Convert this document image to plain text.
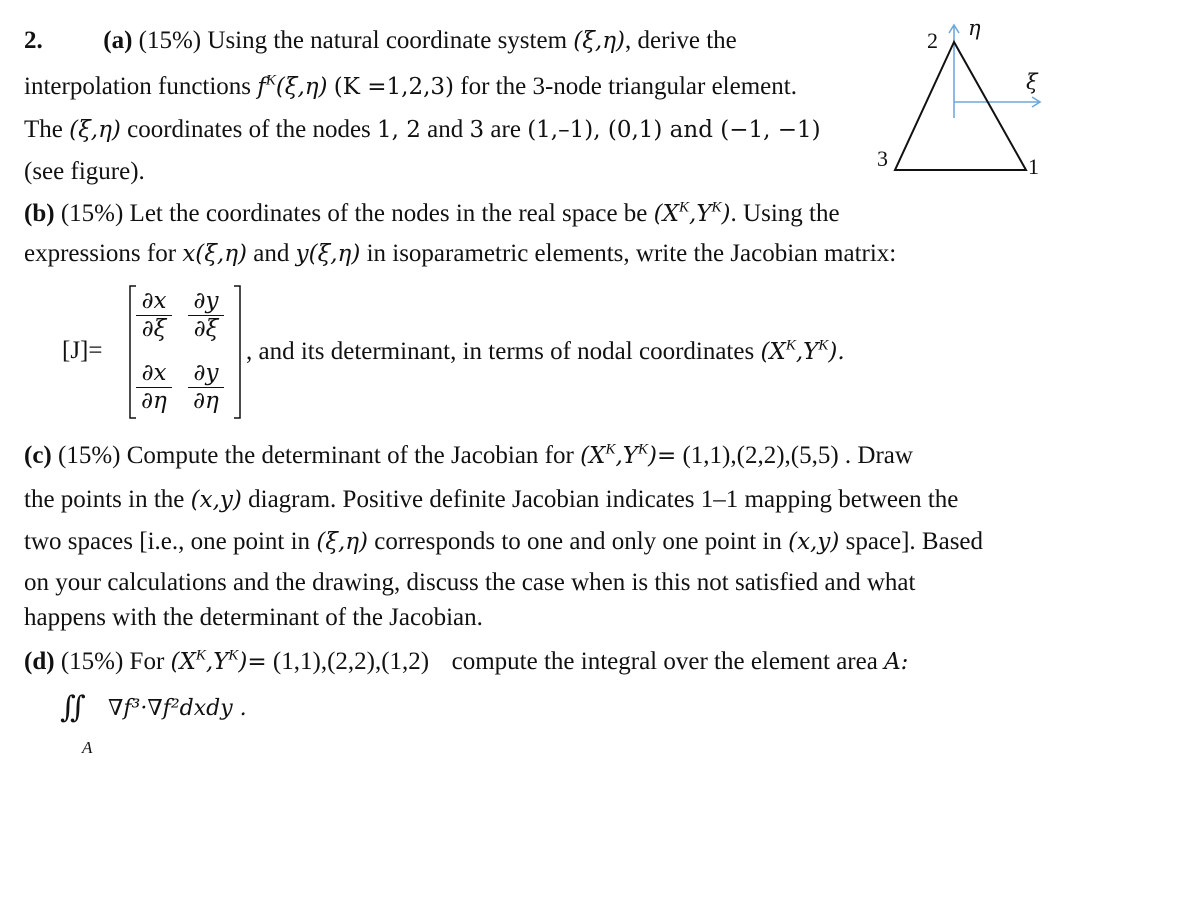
2. (a) (15%) Using the natural coordinate system (ξ,η), derive the
interpolation functions $f^K(\xi,\eta)$ (K =1,2,3) for the 3-node triangular element.
The (ξ,η) coordinates of the nodes 1, 2 and 3 are (1,–1), (0,1) and (−1, −1)
(see figure).
2
3	1
η
ξ
(b) (15%) Let the coordinates of the nodes in the real space be $(X^K,Y^K)$. Using the
expressions for x(ξ,η) and y(ξ,η) in isoparametric elements, write the Jacobian matrix:
[J]=
$\frac{\partial x}{\partial\xi} \frac{\partial y}{\partial\xi}$
$\frac{\partial x}{\partial\eta} \frac{\partial y}{\partial\eta}$
, and its determinant, in terms of nodal coordinates $(X^K,Y^K)$.
(c) (15%) Compute the determinant of the Jacobian for $(X^K,Y^K)= (1,1),(2,2),(5,5)$ . Draw
the points in the (x,y) diagram. Positive definite Jacobian indicates 1–1 mapping between the
two spaces [i.e., one point in (ξ,η) corresponds to one and only one point in (x,y) space]. Based
on your calculations and the drawing, discuss the case when is this not satisfied and what
happens with the determinant of the Jacobian.
(d) (15%) For $(X^K,Y^K)= (1,1),(2,2),(1,2)$ compute the integral over the element area A:
∬ ∇f³·∇f²dxdy .
A
